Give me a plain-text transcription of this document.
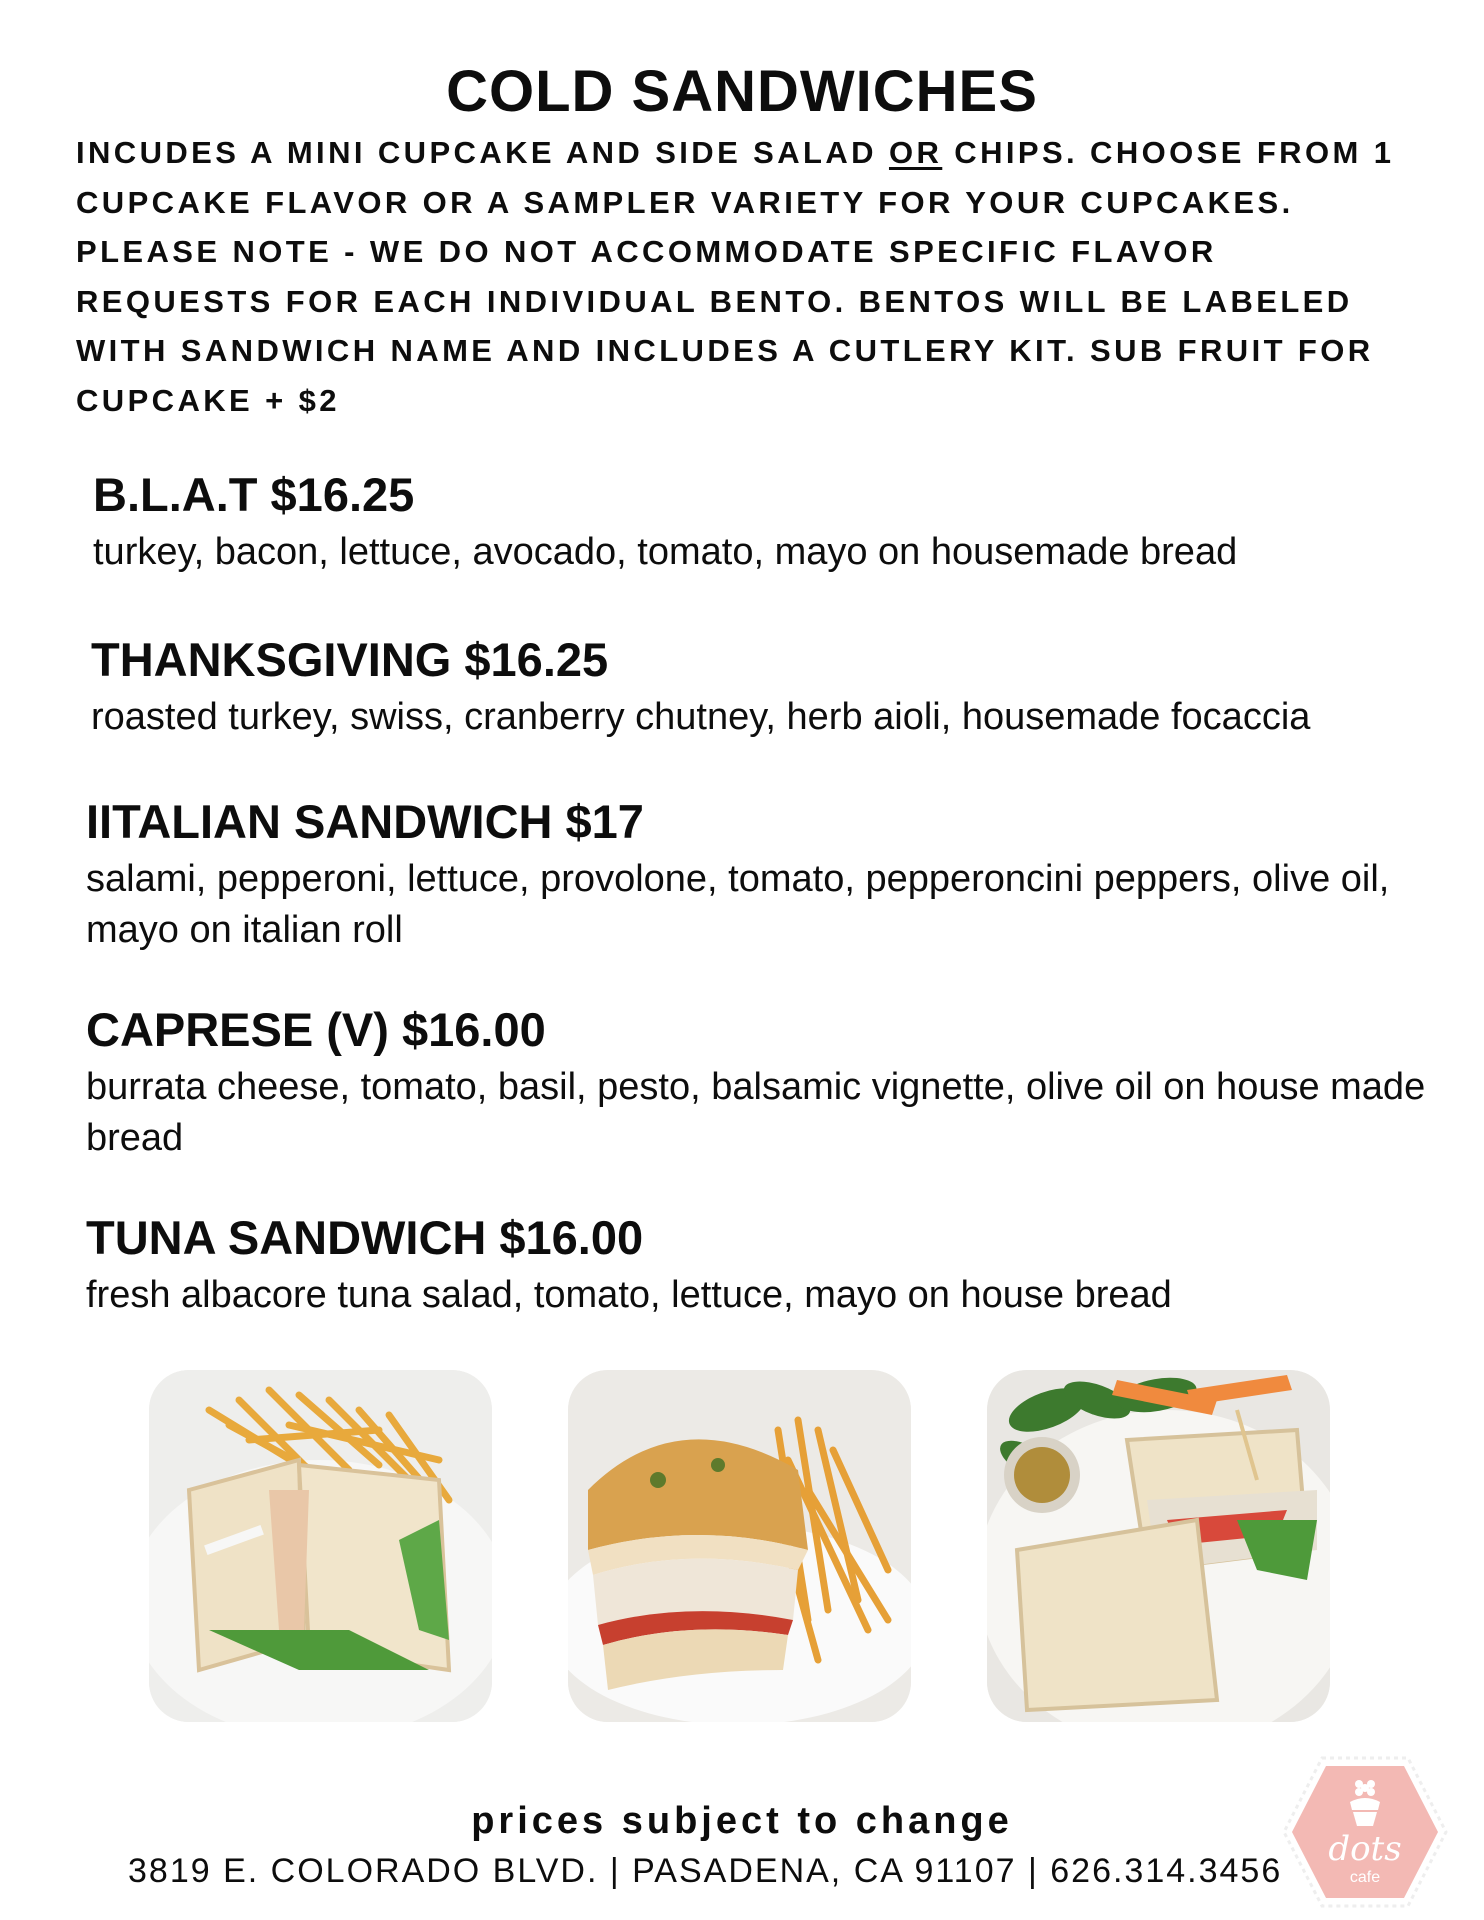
COLD SANDWICHES
INCUDES A MINI CUPCAKE AND SIDE SALAD OR CHIPS. CHOOSE FROM 1 CUPCAKE FLAVOR OR A SAMPLER VARIETY FOR YOUR CUPCAKES. PLEASE NOTE - WE DO NOT ACCOMMODATE SPECIFIC FLAVOR REQUESTS FOR EACH INDIVIDUAL BENTO. BENTOS WILL BE LABELED WITH SANDWICH NAME AND INCLUDES A CUTLERY KIT. SUB FRUIT FOR CUPCAKE + $2
B.L.A.T $16.25
turkey, bacon, lettuce, avocado, tomato, mayo on housemade bread
THANKSGIVING $16.25
roasted turkey, swiss, cranberry chutney, herb aioli, housemade focaccia
IITALIAN SANDWICH $17
salami, pepperoni, lettuce, provolone, tomato, pepperoncini peppers, olive oil, mayo on italian roll
CAPRESE (V) $16.00
burrata cheese, tomato, basil, pesto, balsamic vignette, olive oil on house made bread
TUNA SANDWICH $16.00
fresh albacore tuna salad, tomato, lettuce, mayo on house bread
prices subject to change
3819 E. COLORADO BLVD. | PASADENA, CA 91107 | 626.314.3456
dots
cafe
